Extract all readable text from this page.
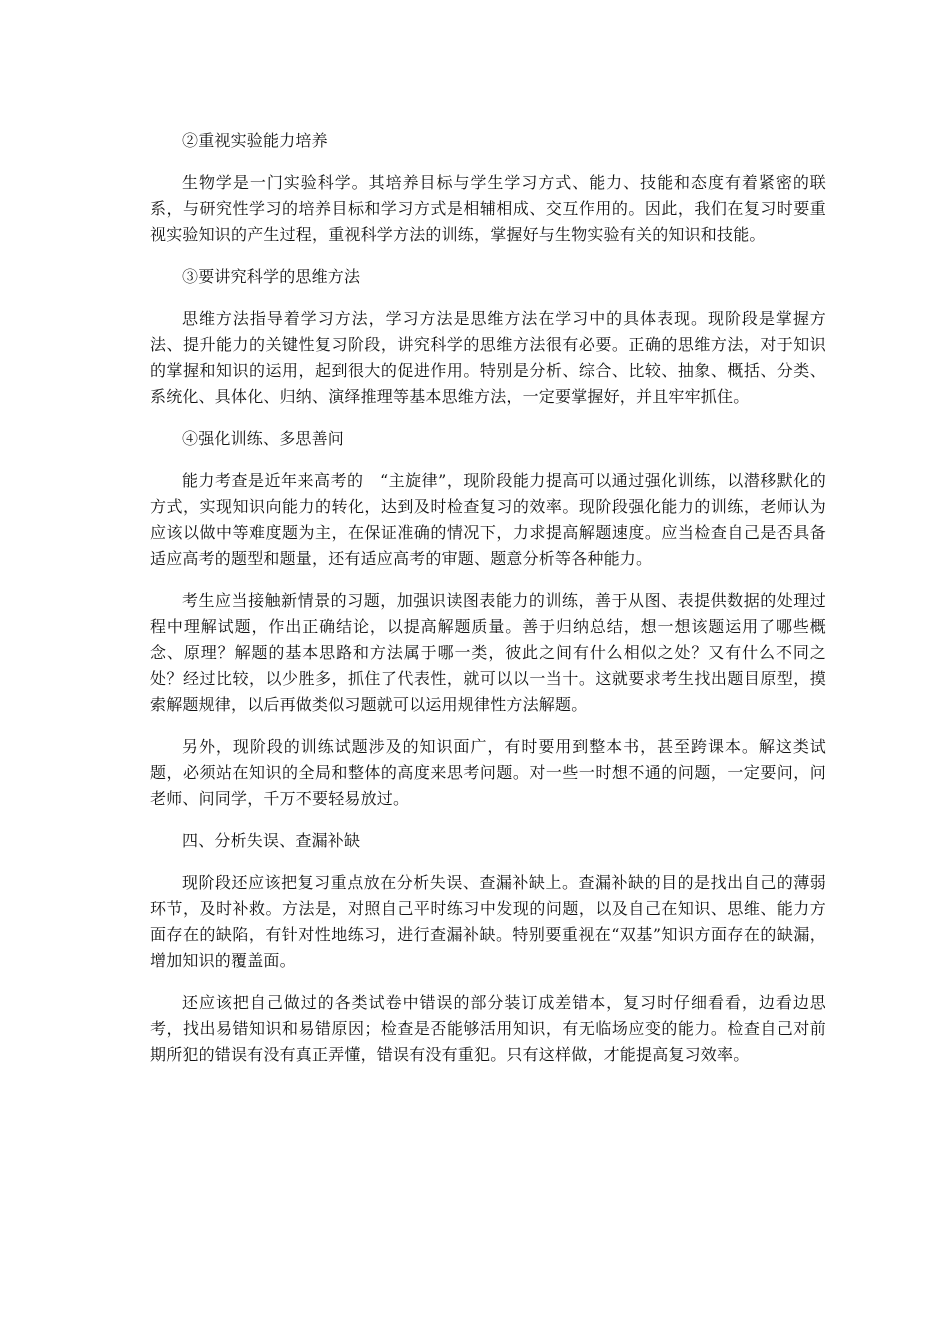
②重视实验能力培养

生物学是一门实验科学。其培养目标与学生学习方式、能力、技能和态度有着紧密的联系，与研究性学习的培养目标和学习方式是相辅相成、交互作用的。因此，我们在复习时要重视实验知识的产生过程，重视科学方法的训练，掌握好与生物实验有关的知识和技能。

③要讲究科学的思维方法

思维方法指导着学习方法，学习方法是思维方法在学习中的具体表现。现阶段是掌握方法、提升能力的关键性复习阶段，讲究科学的思维方法很有必要。正确的思维方法，对于知识的掌握和知识的运用，起到很大的促进作用。特别是分析、综合、比较、抽象、概括、分类、系统化、具体化、归纳、演绎推理等基本思维方法，一定要掌握好，并且牢牢抓住。

④强化训练、多思善问

能力考查是近年来高考的　“主旋律”，现阶段能力提高可以通过强化训练，以潜移默化的方式，实现知识向能力的转化，达到及时检查复习的效率。现阶段强化能力的训练，老师认为应该以做中等难度题为主，在保证准确的情况下，力求提高解题速度。应当检查自己是否具备适应高考的题型和题量，还有适应高考的审题、题意分析等各种能力。

考生应当接触新情景的习题，加强识读图表能力的训练，善于从图、表提供数据的处理过程中理解试题，作出正确结论，以提高解题质量。善于归纳总结，想一想该题运用了哪些概念、原理？解题的基本思路和方法属于哪一类，彼此之间有什么相似之处？又有什么不同之处？经过比较，以少胜多，抓住了代表性，就可以以一当十。这就要求考生找出题目原型，摸索解题规律，以后再做类似习题就可以运用规律性方法解题。

另外，现阶段的训练试题涉及的知识面广，有时要用到整本书，甚至跨课本。解这类试题，必须站在知识的全局和整体的高度来思考问题。对一些一时想不通的问题，一定要问，问老师、问同学，千万不要轻易放过。

四、分析失误、查漏补缺

现阶段还应该把复习重点放在分析失误、查漏补缺上。查漏补缺的目的是找出自己的薄弱环节，及时补救。方法是，对照自己平时练习中发现的问题，以及自己在知识、思维、能力方面存在的缺陷，有针对性地练习，进行查漏补缺。特别要重视在“双基”知识方面存在的缺漏，增加知识的覆盖面。

还应该把自己做过的各类试卷中错误的部分装订成差错本，复习时仔细看看，边看边思考，找出易错知识和易错原因；检查是否能够活用知识，有无临场应变的能力。检查自己对前期所犯的错误有没有真正弄懂，错误有没有重犯。只有这样做，才能提高复习效率。
